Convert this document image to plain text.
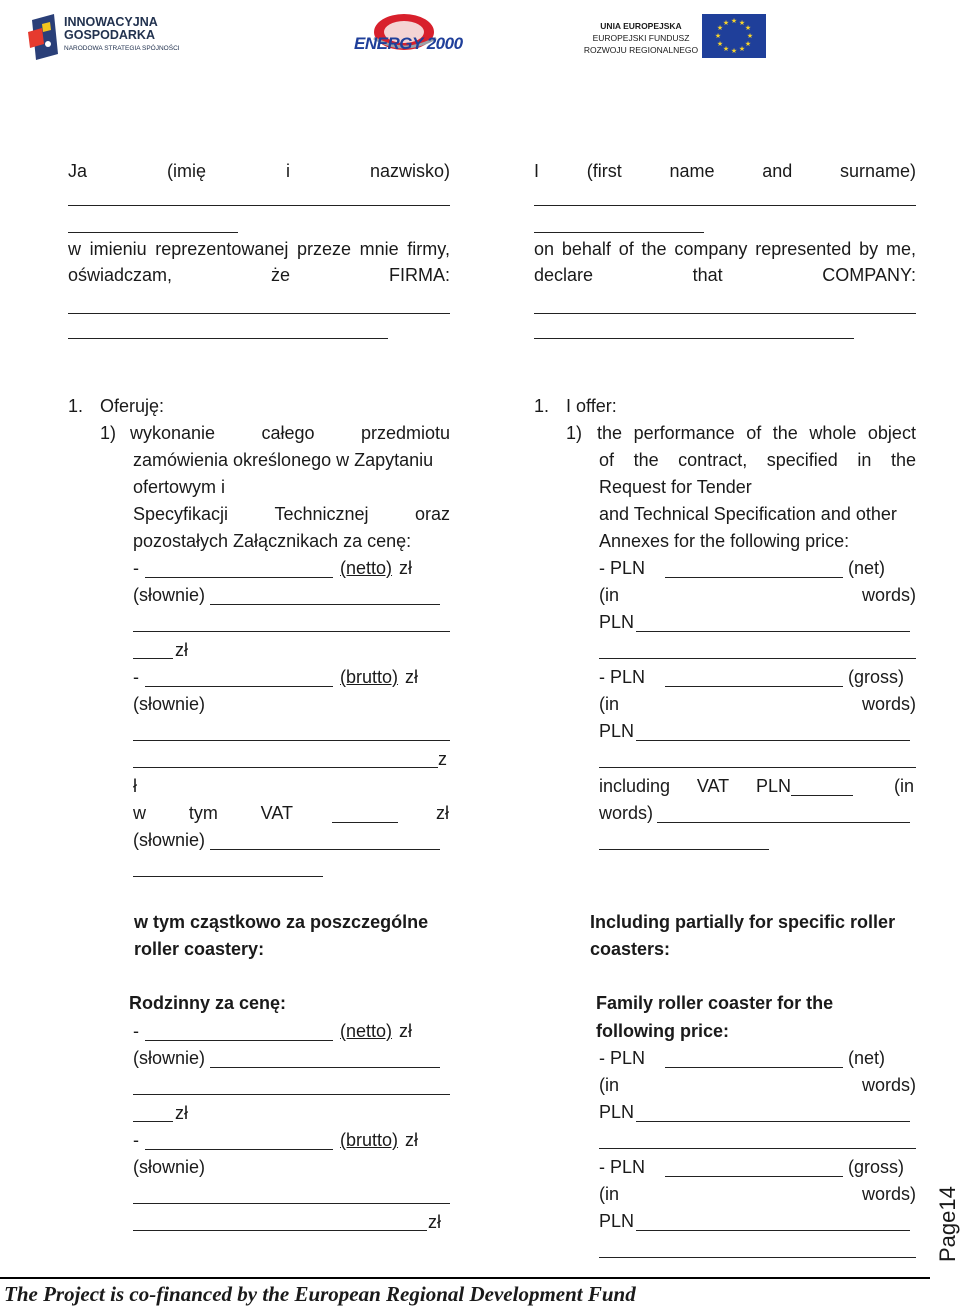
INNOWACYJNA
GOSPODARKA
NARODOWA STRATEGIA SPÓJNOŚCI	ENERGY 2000
UNIA EUROPEJSKA
EUROPEJSKI FUNDUSZ
ROZWOJU REGIONALNEGO
★ ★
★
★
★
★
★
★
★
★
★
★
Ja	(imię	i	nazwisko)
w imieniu reprezentowanej przeze mnie firmy,
oświadczam,	że	FIRMA:
1. Oferuję:
1) wykonanie	całego	przedmiotu
zamówienia określonego w Zapytaniu
ofertowym i
Specyfikacji	Technicznej	oraz
pozostałych Załącznikach za cenę:
-	(netto) zł
(słownie)
zł
-	(brutto) zł
(słownie)
z
ł
w tym VAT	zł
(słownie)
w tym cząstkowo za poszczególne
roller coastery:
Rodzinny za cenę:
-	(netto) zł
(słownie)
zł
-	(brutto) zł
(słownie)
zł
I	(first	name	and	surname)
on behalf of the company represented by me,
declare	that	COMPANY:
1. I offer:
1) the performance of the whole object
of the contract, specified in the
Request for Tender
and Technical Specification and other
Annexes for the following price:
- PLN	(net)
(in	words)
PLN
- PLN	(gross)
(in	words)
PLN
including VAT PLN	(in
words)
Including partially for specific roller
coasters:
Family roller coaster for the
following price:
- PLN	(net)
(in	words)
PLN
- PLN	(gross)
(in	words)
PLN	Page14
The Project is co-financed by the European Regional Development Fund
